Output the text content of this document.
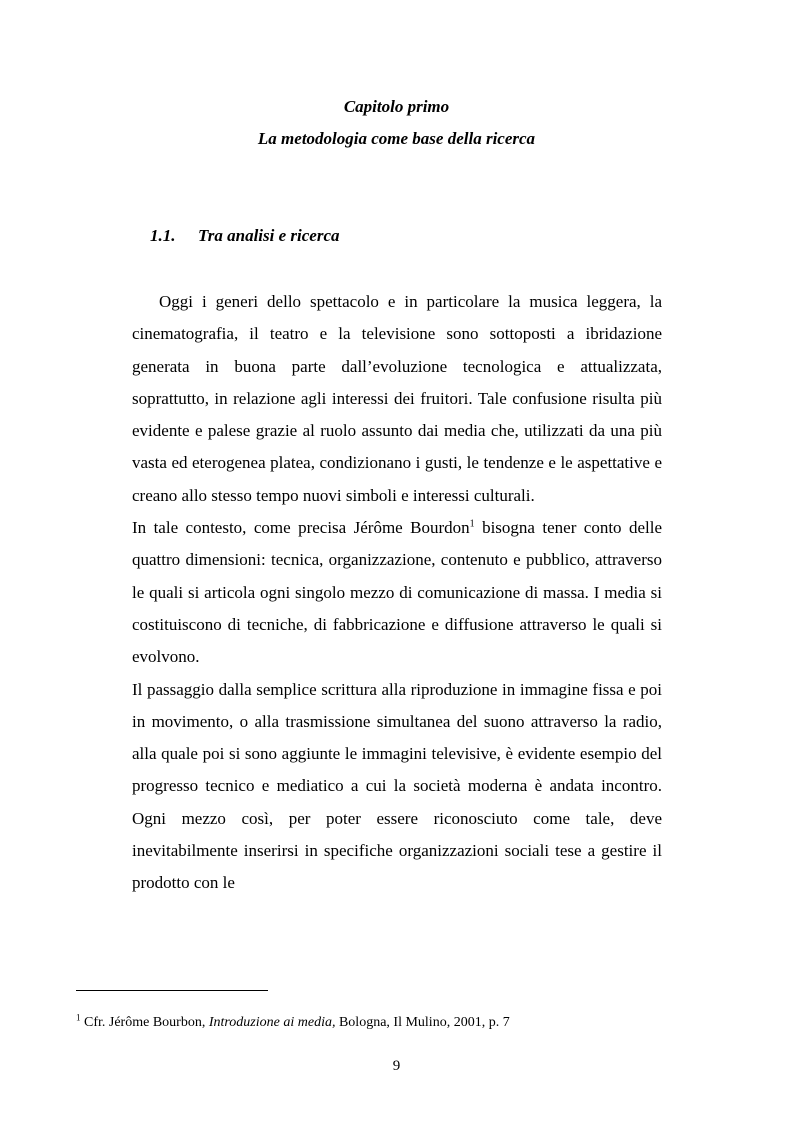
Capitolo primo
La metodologia come base della ricerca
1.1. Tra analisi e ricerca

Oggi i generi dello spettacolo e in particolare la musica leggera, la cinematografia, il teatro e la televisione sono sottoposti a ibridazione generata in buona parte dall’evoluzione tecnologica e attualizzata, soprattutto, in relazione agli interessi dei fruitori. Tale confusione risulta più evidente e palese grazie al ruolo assunto dai media che, utilizzati da una più vasta ed eterogenea platea, condizionano i gusti, le tendenze e le aspettative e creano allo stesso tempo nuovi simboli e interessi culturali.

In tale contesto, come precisa Jérôme Bourdon$^1$ bisogna tener conto delle quattro dimensioni: tecnica, organizzazione, contenuto e pubblico, attraverso le quali si articola ogni singolo mezzo di comunicazione di massa. I media si costituiscono di tecniche, di fabbricazione e diffusione attraverso le quali si evolvono.

Il passaggio dalla semplice scrittura alla riproduzione in immagine fissa e poi in movimento, o alla trasmissione simultanea del suono attraverso la radio, alla quale poi si sono aggiunte le immagini televisive, è evidente esempio del progresso tecnico e mediatico a cui la società moderna è andata incontro. Ogni mezzo così, per poter essere riconosciuto come tale, deve inevitabilmente inserirsi in specifiche organizzazioni sociali tese a gestire il prodotto con le

$^1$ Cfr. Jérôme Bourbon, Introduzione ai media, Bologna, Il Mulino, 2001, p. 7
9
